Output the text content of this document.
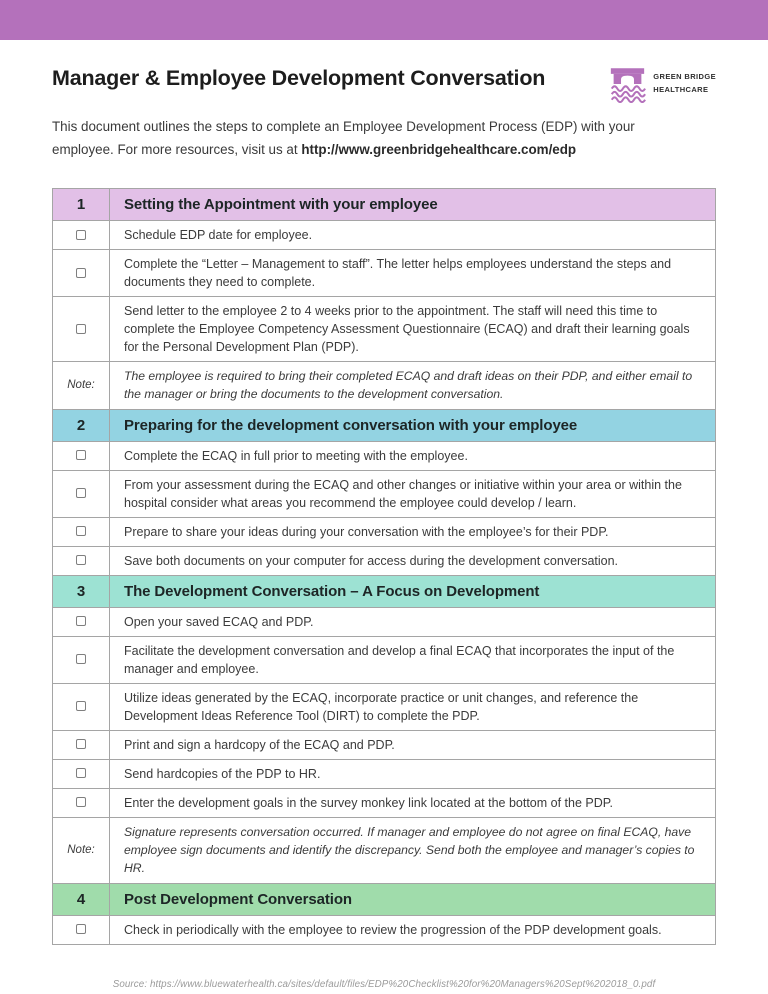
Manager & Employee Development Conversation	GREEN BRIDGE
HEALTHCARE

This document outlines the steps to complete an Employee Development Process (EDP) with your employee. For more resources, visit us at http://www.greenbridgehealthcare.com/edp

1	Setting the Appointment with your employee
	Schedule EDP date for employee.
	Complete the “Letter – Management to staff”. The letter helps employees understand the steps and documents they need to complete.
	Send letter to the employee 2 to 4 weeks prior to the appointment. The staff will need this time to complete the Employee Competency Assessment Questionnaire (ECAQ) and draft their learning goals for the Personal Development Plan (PDP).
Note:	The employee is required to bring their completed ECAQ and draft ideas on their PDP, and either email to the manager or bring the documents to the development conversation.
2	Preparing for the development conversation with your employee
	Complete the ECAQ in full prior to meeting with the employee.
	From your assessment during the ECAQ and other changes or initiative within your area or within the hospital consider what areas you recommend the employee could develop / learn.
	Prepare to share your ideas during your conversation with the employee’s for their PDP.
	Save both documents on your computer for access during the development conversation.
3	The Development Conversation – A Focus on Development
	Open your saved ECAQ and PDP.
	Facilitate the development conversation and develop a final ECAQ that incorporates the input of the manager and employee.
	Utilize ideas generated by the ECAQ, incorporate practice or unit changes, and reference the Development Ideas Reference Tool (DIRT) to complete the PDP.
	Print and sign a hardcopy of the ECAQ and PDP.
	Send hardcopies of the PDP to HR.
	Enter the development goals in the survey monkey link located at the bottom of the PDP.
Note:	Signature represents conversation occurred. If manager and employee do not agree on final ECAQ, have employee sign documents and identify the discrepancy. Send both the employee and manager’s copies to HR.
4	Post Development Conversation
	Check in periodically with the employee to review the progression of the PDP development goals.
Source: https://www.bluewaterhealth.ca/sites/default/files/EDP%20Checklist%20for%20Managers%20Sept%202018_0.pdf
